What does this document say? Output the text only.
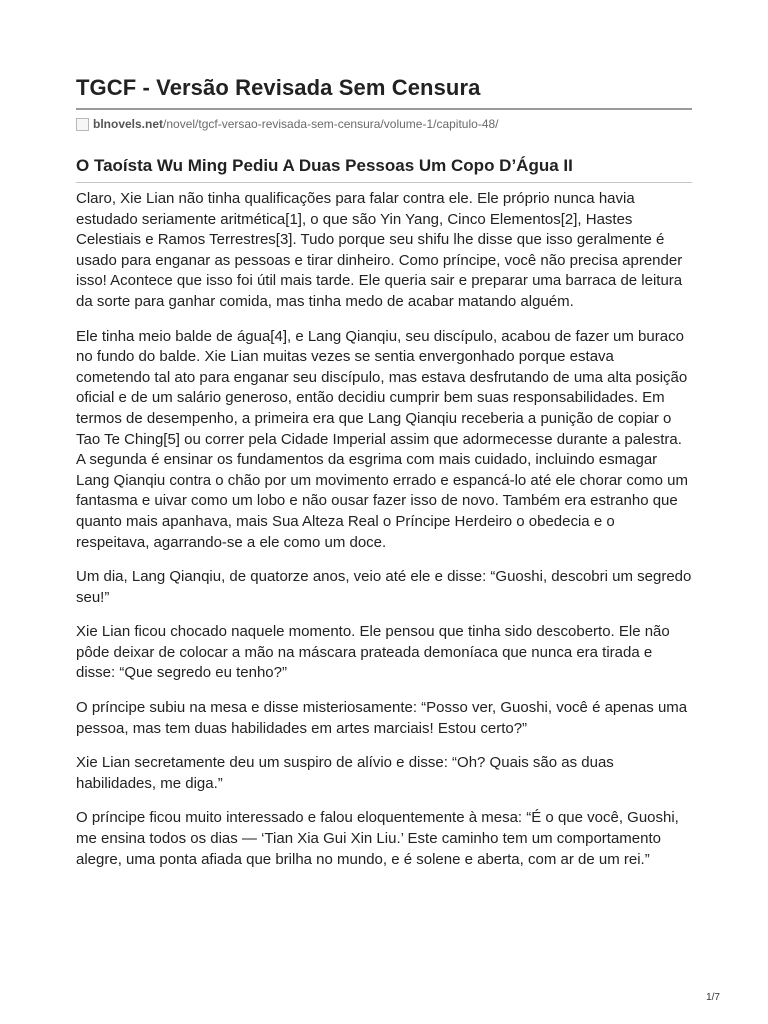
TGCF - Versão Revisada Sem Censura
blnovels.net /novel/tgcf-versao-revisada-sem-censura/volume-1/capitulo-48/
O Taoísta Wu Ming Pediu A Duas Pessoas Um Copo D’Água II

Claro, Xie Lian não tinha qualificações para falar contra ele. Ele próprio nunca havia estudado seriamente aritmética[1], o que são Yin Yang, Cinco Elementos[2], Hastes Celestiais e Ramos Terrestres[3]. Tudo porque seu shifu lhe disse que isso geralmente é usado para enganar as pessoas e tirar dinheiro. Como príncipe, você não precisa aprender isso! Acontece que isso foi útil mais tarde. Ele queria sair e preparar uma barraca de leitura da sorte para ganhar comida, mas tinha medo de acabar matando alguém.

Ele tinha meio balde de água[4], e Lang Qianqiu, seu discípulo, acabou de fazer um buraco no fundo do balde. Xie Lian muitas vezes se sentia envergonhado porque estava cometendo tal ato para enganar seu discípulo, mas estava desfrutando de uma alta posição oficial e de um salário generoso, então decidiu cumprir bem suas responsabilidades. Em termos de desempenho, a primeira era que Lang Qianqiu receberia a punição de copiar o Tao Te Ching[5] ou correr pela Cidade Imperial assim que adormecesse durante a palestra. A segunda é ensinar os fundamentos da esgrima com mais cuidado, incluindo esmagar Lang Qianqiu contra o chão por um movimento errado e espancá-lo até ele chorar como um fantasma e uivar como um lobo e não ousar fazer isso de novo. Também era estranho que quanto mais apanhava, mais Sua Alteza Real o Príncipe Herdeiro o obedecia e o respeitava, agarrando-se a ele como um doce.

Um dia, Lang Qianqiu, de quatorze anos, veio até ele e disse: “Guoshi, descobri um segredo seu!”

Xie Lian ficou chocado naquele momento. Ele pensou que tinha sido descoberto. Ele não pôde deixar de colocar a mão na máscara prateada demoníaca que nunca era tirada e disse: “Que segredo eu tenho?”

O príncipe subiu na mesa e disse misteriosamente: “Posso ver, Guoshi, você é apenas uma pessoa, mas tem duas habilidades em artes marciais! Estou certo?”

Xie Lian secretamente deu um suspiro de alívio e disse: “Oh? Quais são as duas habilidades, me diga.”

O príncipe ficou muito interessado e falou eloquentemente à mesa: “É o que você, Guoshi, me ensina todos os dias — ‘Tian Xia Gui Xin Liu.’ Este caminho tem um comportamento alegre, uma ponta afiada que brilha no mundo, e é solene e aberta, com ar de um rei.”

1/7
